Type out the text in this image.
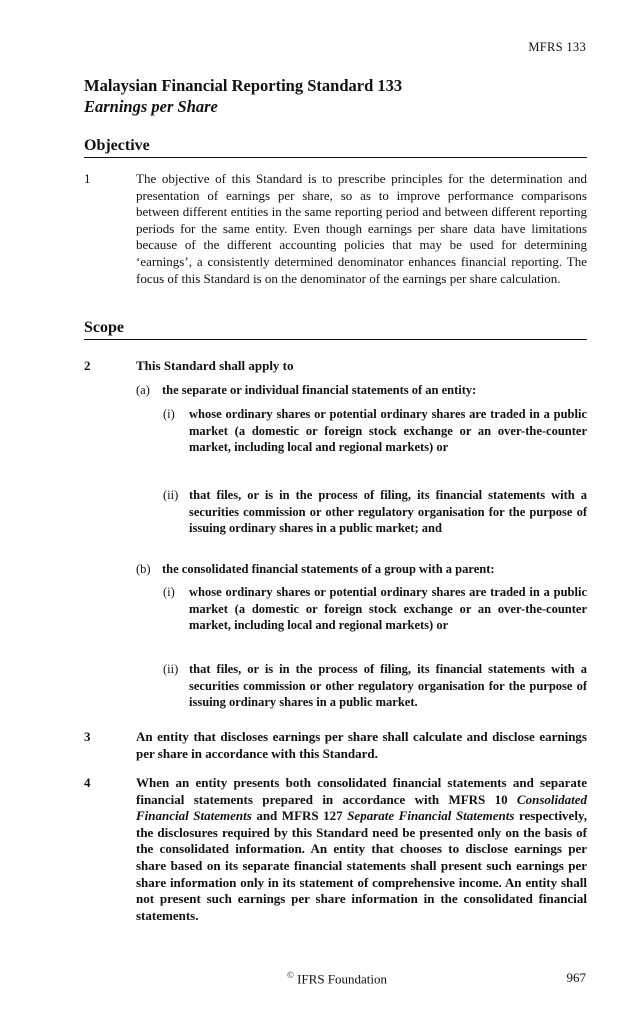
MFRS 133
Malaysian Financial Reporting Standard 133
Earnings per Share
Objective
1	The objective of this Standard is to prescribe principles for the determination and presentation of earnings per share, so as to improve performance comparisons between different entities in the same reporting period and between different reporting periods for the same entity. Even though earnings per share data have limitations because of the different accounting policies that may be used for determining ‘earnings’, a consistently determined denominator enhances financial reporting. The focus of this Standard is on the denominator of the earnings per share calculation.
Scope
2	This Standard shall apply to
(a) the separate or individual financial statements of an entity:
(i) whose ordinary shares or potential ordinary shares are traded in a public market (a domestic or foreign stock exchange or an over-the-counter market, including local and regional markets) or
(ii) that files, or is in the process of filing, its financial statements with a securities commission or other regulatory organisation for the purpose of issuing ordinary shares in a public market; and
(b) the consolidated financial statements of a group with a parent:
(i) whose ordinary shares or potential ordinary shares are traded in a public market (a domestic or foreign stock exchange or an over-the-counter market, including local and regional markets) or
(ii) that files, or is in the process of filing, its financial statements with a securities commission or other regulatory organisation for the purpose of issuing ordinary shares in a public market.
3	An entity that discloses earnings per share shall calculate and disclose earnings per share in accordance with this Standard.
4	When an entity presents both consolidated financial statements and separate financial statements prepared in accordance with MFRS 10 Consolidated Financial Statements and MFRS 127 Separate Financial Statements respectively, the disclosures required by this Standard need be presented only on the basis of the consolidated information. An entity that chooses to disclose earnings per share based on its separate financial statements shall present such earnings per share information only in its statement of comprehensive income. An entity shall not present such earnings per share information in the consolidated financial statements.
© IFRS Foundation	967
